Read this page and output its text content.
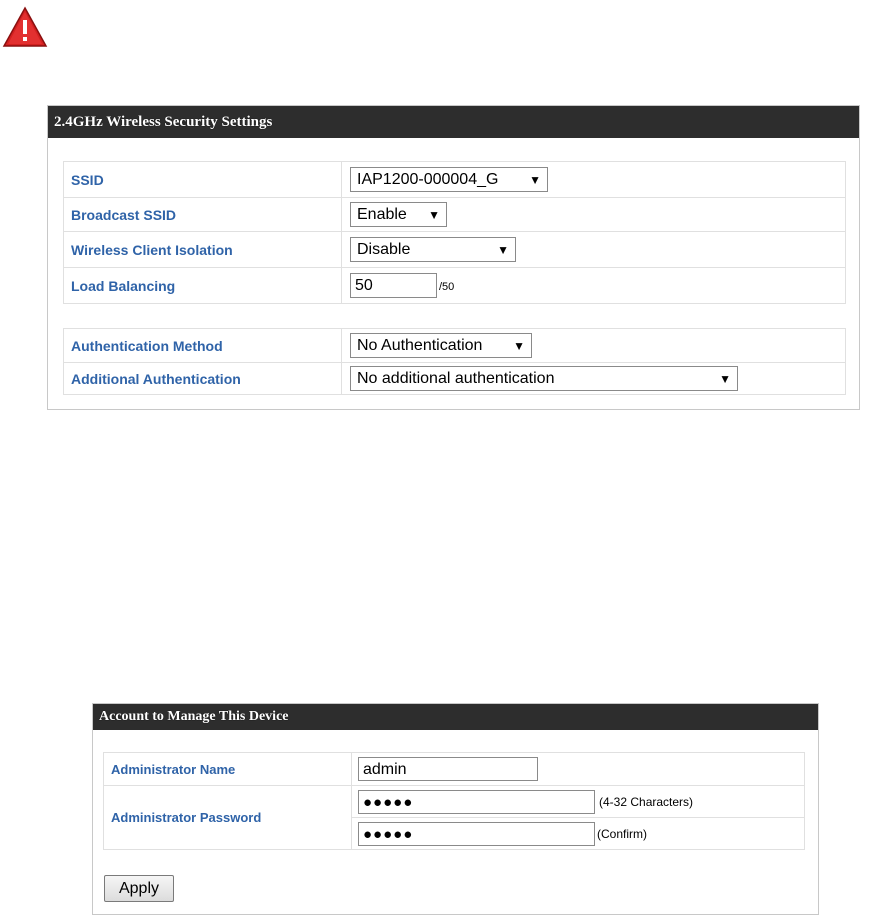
2.4GHz Wireless Security Settings
SSID	IAP1200-000004_G ▼

Broadcast SSID	Enable ▼

Wireless Client Isolation	Disable ▼

Load Balancing	50 /50
Authentication Method	No Authentication ▼

Additional Authentication	No additional authentication ▼
Account to Manage This Device
Administrator Name	admin
Administrator Password	●●●●● (4-32 Characters)
	●●●●● (Confirm)
Apply
